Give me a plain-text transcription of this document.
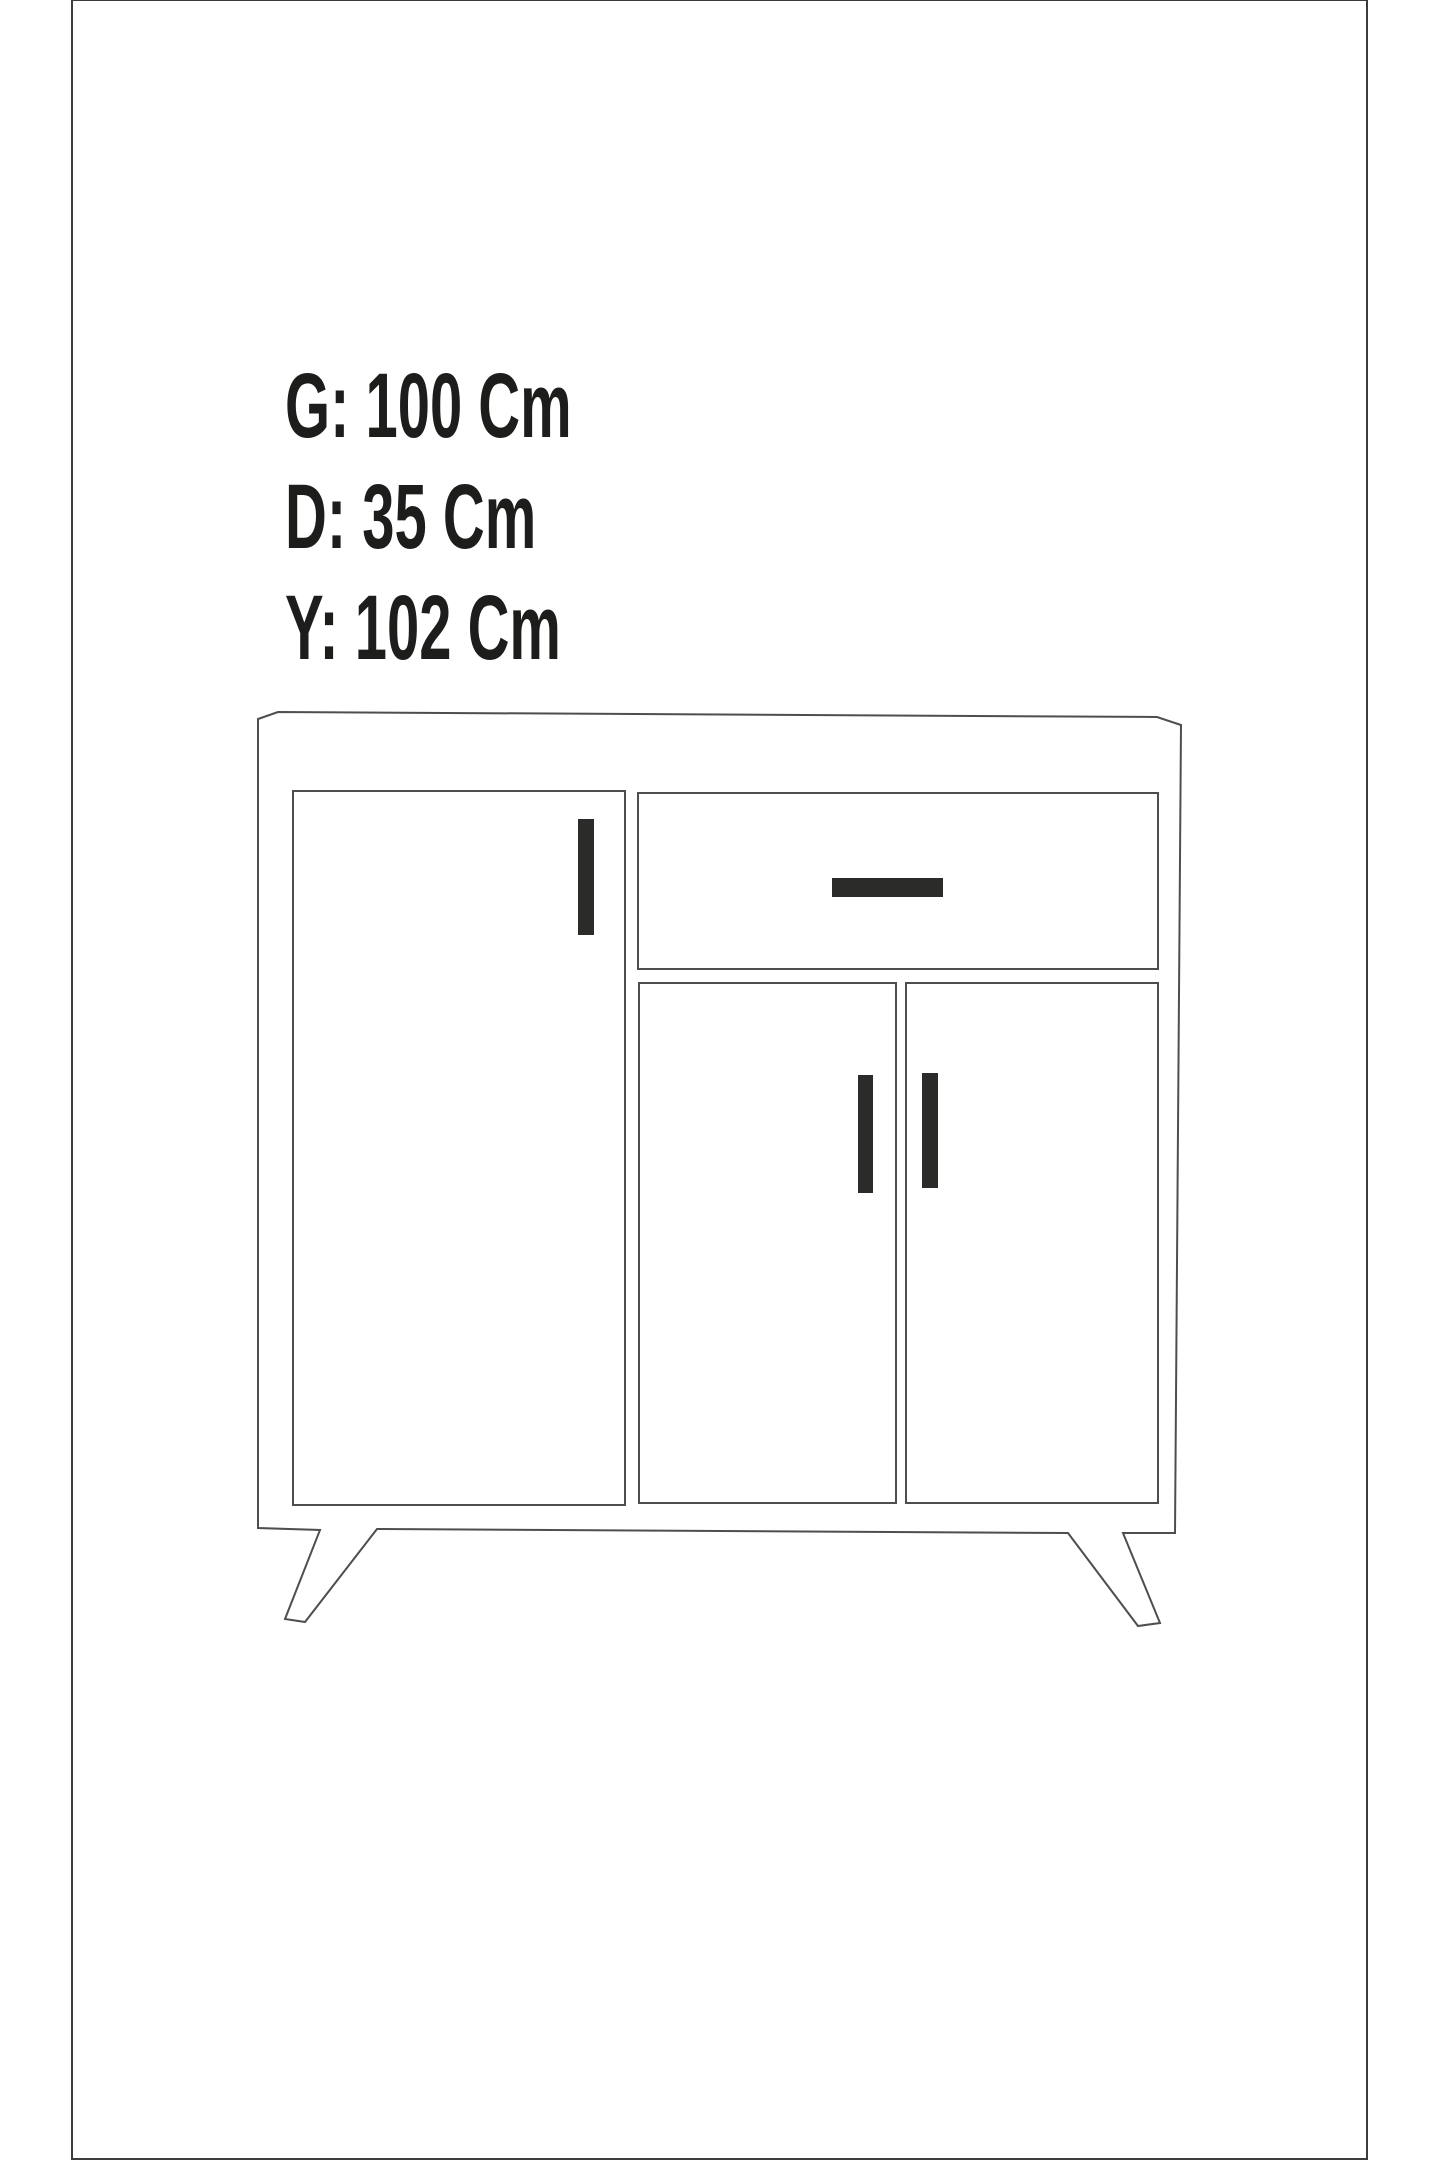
G: 100 Cm
D: 35 Cm
Y: 102 Cm
